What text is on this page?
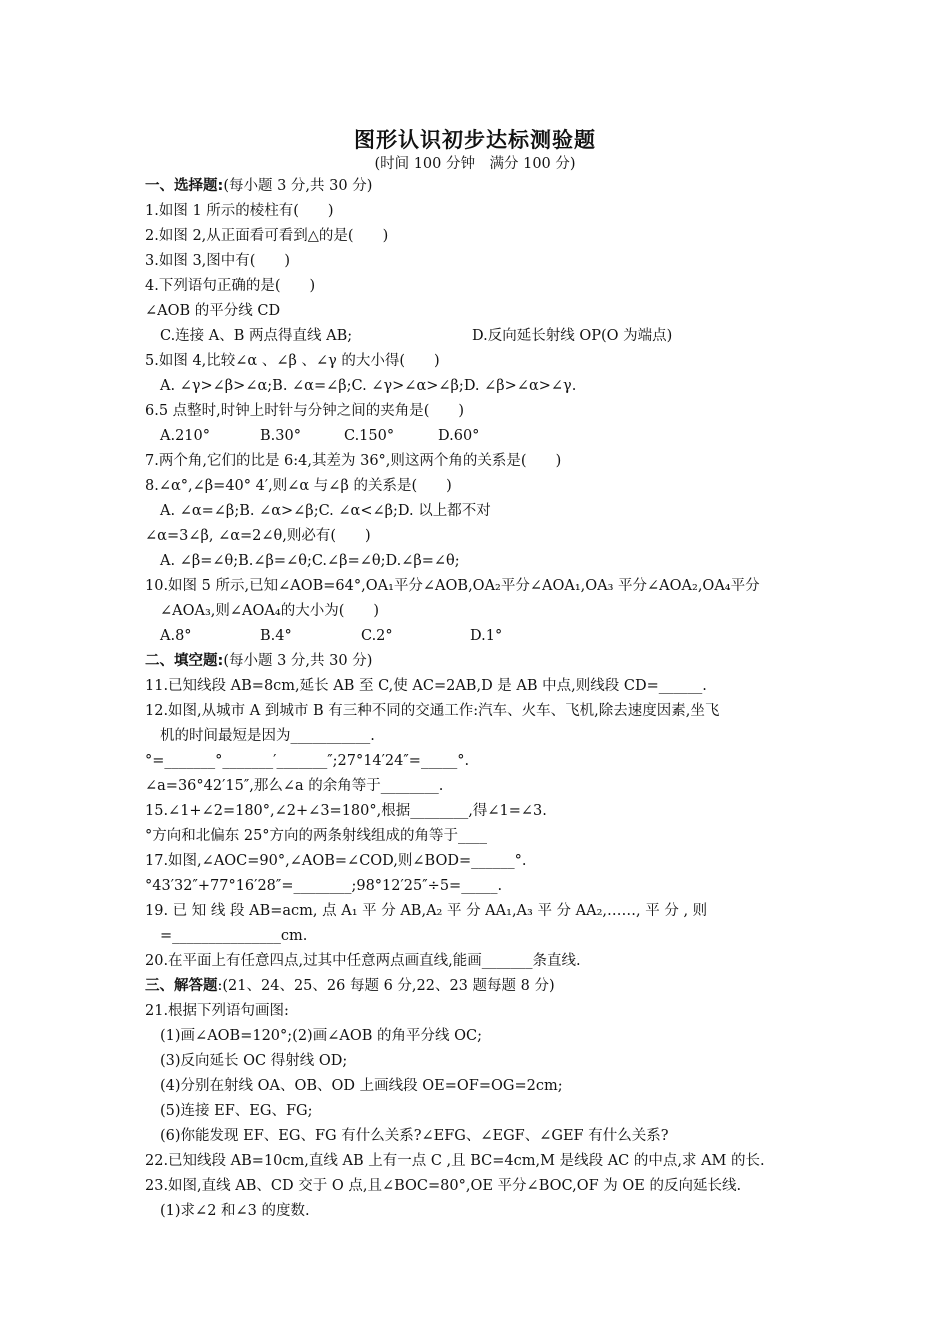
图形认识初步达标测验题
(时间 100 分钟　满分 100 分)
一、选择题:(每小题 3 分,共 30 分)
1.如图 1 所示的棱柱有(　　)
2.如图 2,从正面看可看到△的是(　　)
3.如图 3,图中有(　　)
4.下列语句正确的是(　　)
∠AOB 的平分线 CD
C.连接 A、B 两点得直线 AB;	D.反向延长射线 OP(O 为端点)
5.如图 4,比较∠α 、∠β 、∠γ 的大小得(　　)
A. ∠γ>∠β>∠α;B. ∠α=∠β;C. ∠γ>∠α>∠β;D. ∠β>∠α>∠γ.
6.5 点整时,时钟上时针与分钟之间的夹角是(　　)
A.210°	B.30°	C.150°	D.60°
7.两个角,它们的比是 6:4,其差为 36°,则这两个角的关系是(　　)
8.∠α°,∠β=40° 4′,则∠α 与∠β 的关系是(　　)
A. ∠α=∠β;B. ∠α>∠β;C. ∠α<∠β;D. 以上都不对
∠α=3∠β, ∠α=2∠θ,则必有(　　)
A. ∠β=∠θ;B.∠β=∠θ;C.∠β=∠θ;D.∠β=∠θ;
10.如图 5 所示,已知∠AOB=64°,OA₁平分∠AOB,OA₂平分∠AOA₁,OA₃ 平分∠AOA₂,OA₄平分
∠AOA₃,则∠AOA₄的大小为(　　)
A.8°	B.4°	C.2°	D.1°
二、填空题:(每小题 3 分,共 30 分)
11.已知线段 AB=8cm,延长 AB 至 C,使 AC=2AB,D 是 AB 中点,则线段 CD=______.
12.如图,从城市 A 到城市 B 有三种不同的交通工作:汽车、火车、飞机,除去速度因素,坐飞
机的时间最短是因为___________.
°=_______°_______′_______″;27°14′24″=_____°.
∠a=36°42′15″,那么∠a 的余角等于________.
15.∠1+∠2=180°,∠2+∠3=180°,根据________,得∠1=∠3.
°方向和北偏东 25°方向的两条射线组成的角等于____
17.如图,∠AOC=90°,∠AOB=∠COD,则∠BOD=______°.
°43′32″+77°16′28″=________;98°12′25″÷5=_____.
19. 已 知 线 段 AB=acm, 点 A₁ 平 分 AB,A₂ 平 分 AA₁,A₃ 平 分 AA₂,……, 平 分 , 则
=_______________cm.
20.在平面上有任意四点,过其中任意两点画直线,能画_______条直线.
三、解答题:(21、24、25、26 每题 6 分,22、23 题每题 8 分)
21.根据下列语句画图:
(1)画∠AOB=120°;(2)画∠AOB 的角平分线 OC;
(3)反向延长 OC 得射线 OD;
(4)分别在射线 OA、OB、OD 上画线段 OE=OF=OG=2cm;
(5)连接 EF、EG、FG;
(6)你能发现 EF、EG、FG 有什么关系?∠EFG、∠EGF、∠GEF 有什么关系?
22.已知线段 AB=10cm,直线 AB 上有一点 C ,且 BC=4cm,M 是线段 AC 的中点,求 AM 的长.
23.如图,直线 AB、CD 交于 O 点,且∠BOC=80°,OE 平分∠BOC,OF 为 OE 的反向延长线.
(1)求∠2 和∠3 的度数.
